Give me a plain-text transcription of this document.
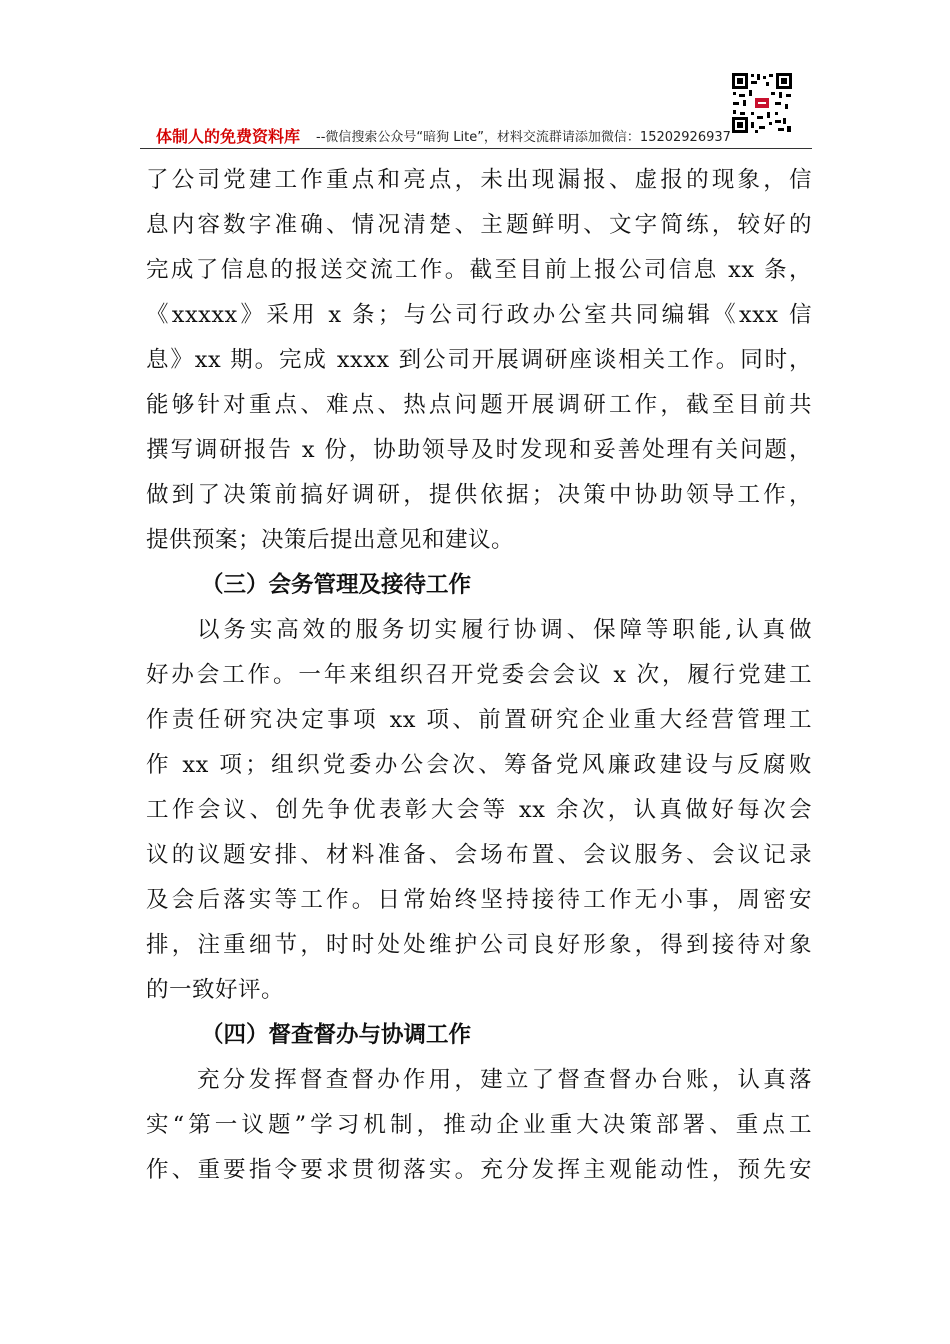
体制人的免费资料库 --微信搜索公众号“暗狗 Lite”，材料交流群请添加微信：15202926937
了公司党建工作重点和亮点，未出现漏报、虚报的现象，信
息内容数字准确、情况清楚、主题鲜明、文字简练，较好的
完成了信息的报送交流工作。截至目前上报公司信息 xx 条，
《xxxxx》采用 x 条；与公司行政办公室共同编辑《xxx 信
息》xx 期。完成 xxxx 到公司开展调研座谈相关工作。同时，
能够针对重点、难点、热点问题开展调研工作，截至目前共
撰写调研报告 x 份，协助领导及时发现和妥善处理有关问题，
做到了决策前搞好调研，提供依据；决策中协助领导工作，
提供预案；决策后提出意见和建议。
（三）会务管理及接待工作
以务实高效的服务切实履行协调、保障等职能,认真做
好办会工作。一年来组织召开党委会会议 x 次，履行党建工
作责任研究决定事项 xx 项、前置研究企业重大经营管理工
作 xx 项；组织党委办公会次、筹备党风廉政建设与反腐败
工作会议、创先争优表彰大会等 xx 余次，认真做好每次会
议的议题安排、材料准备、会场布置、会议服务、会议记录
及会后落实等工作。日常始终坚持接待工作无小事，周密安
排，注重细节，时时处处维护公司良好形象，得到接待对象
的一致好评。
（四）督查督办与协调工作
充分发挥督查督办作用，建立了督查督办台账，认真落
实“第一议题”学习机制，推动企业重大决策部署、重点工
作、重要指令要求贯彻落实。充分发挥主观能动性，预先安
